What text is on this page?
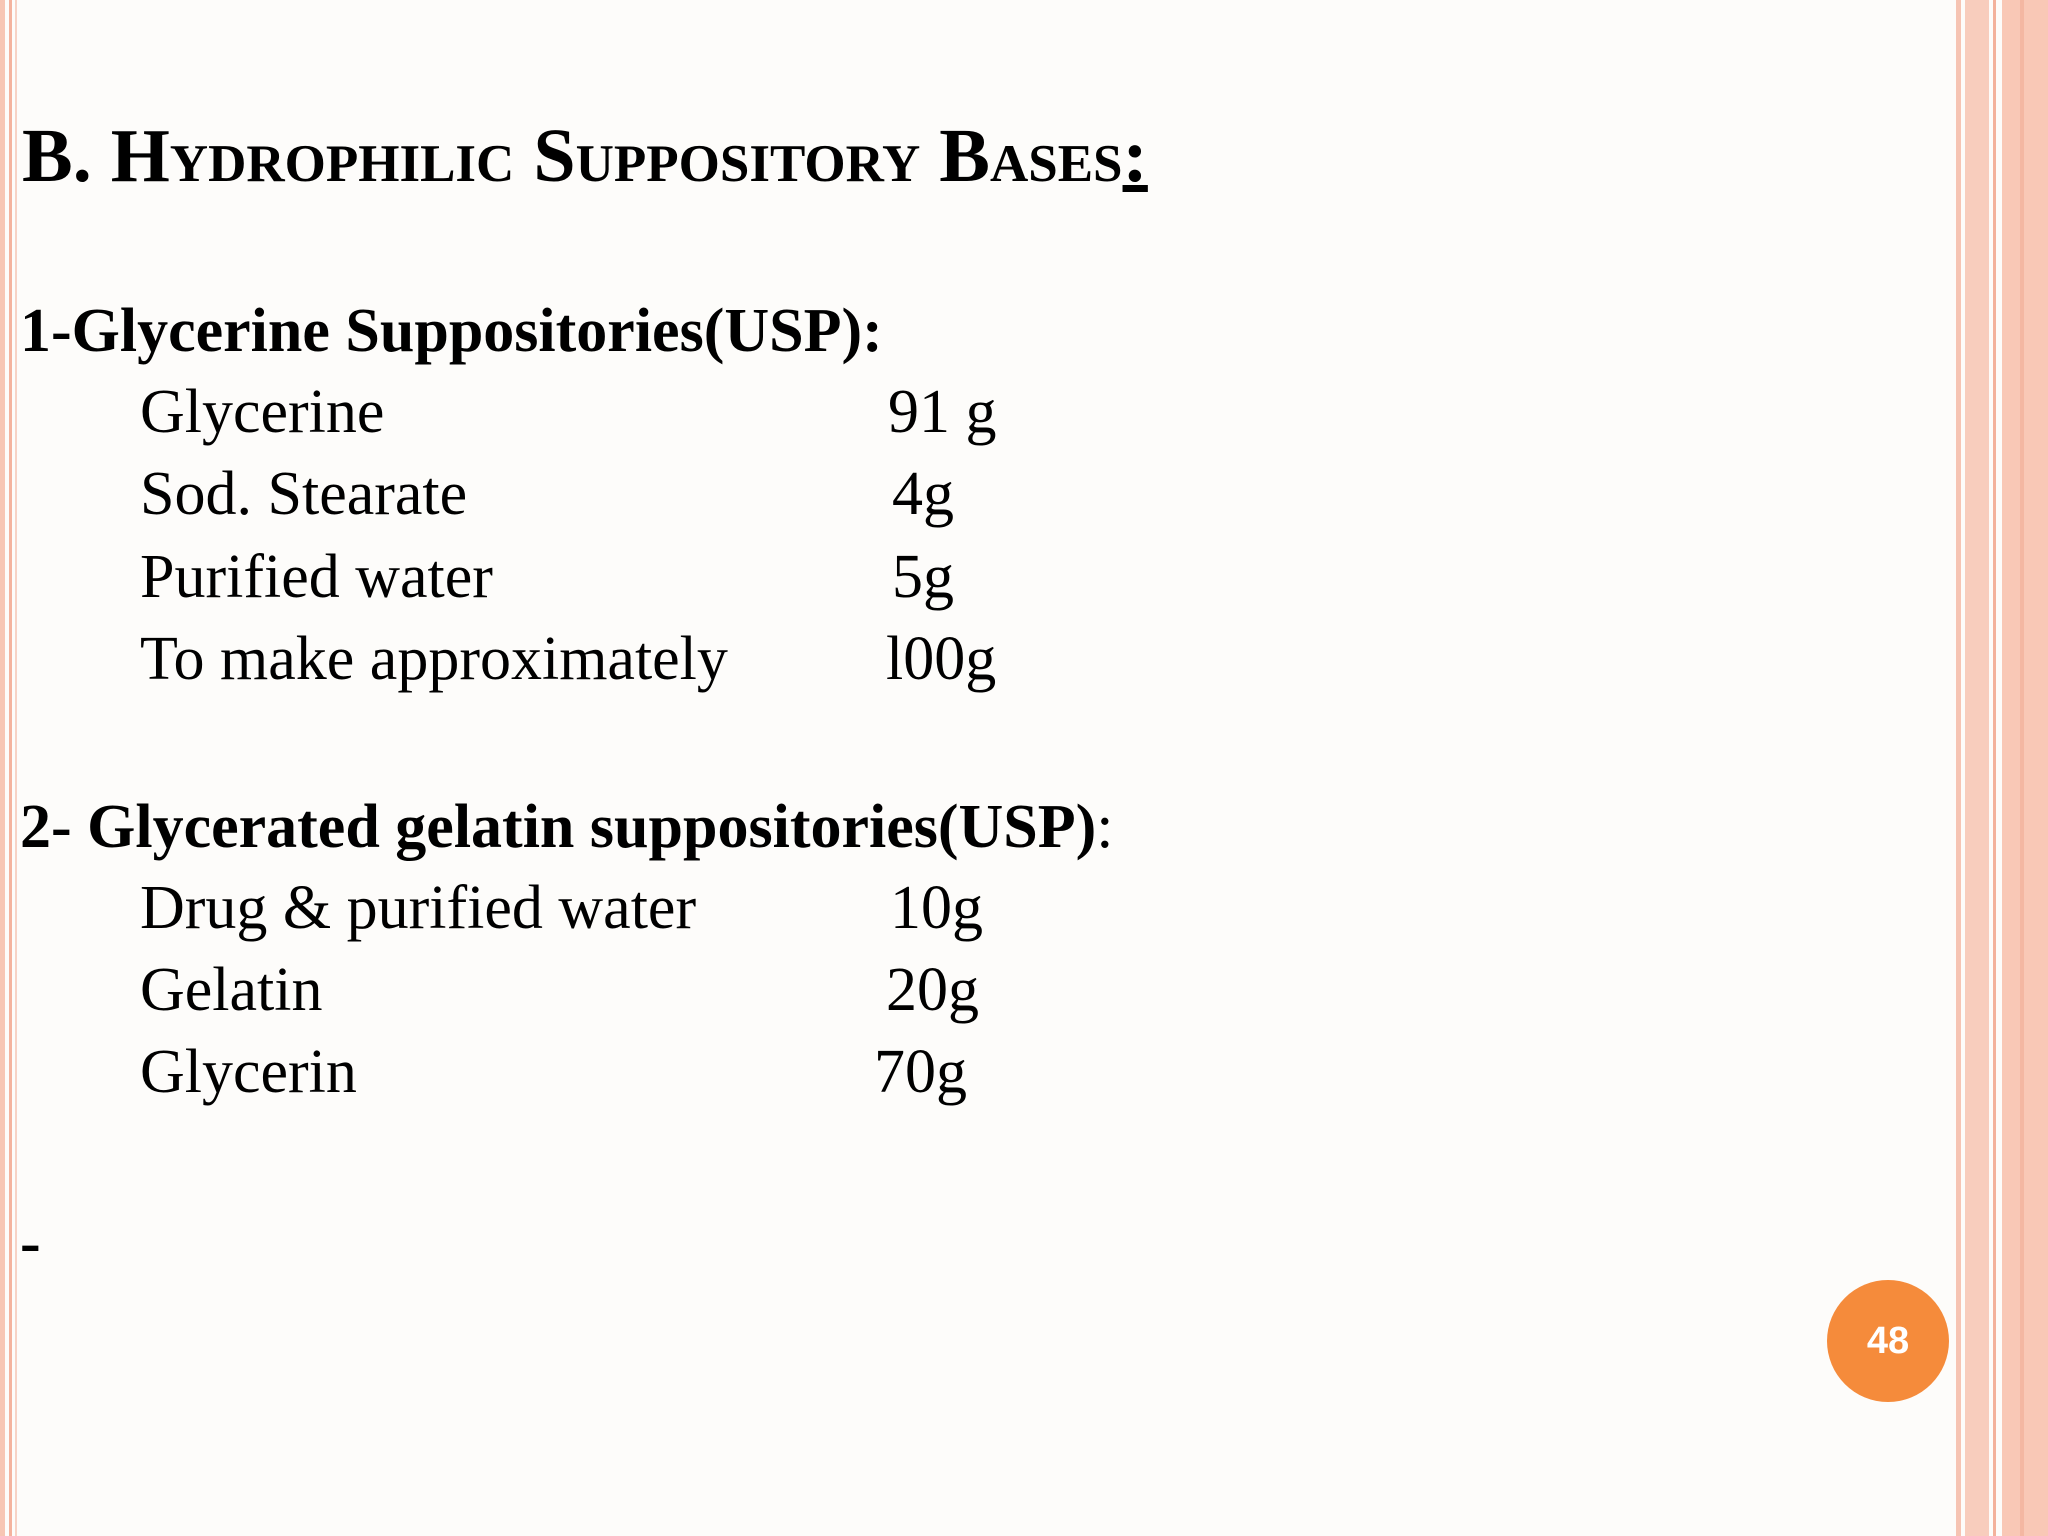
B. Hydrophilic Suppository Bases:
1-Glycerine Suppositories(USP):
Glycerine	91 g
Sod. Stearate	4g
Purified water	5g
To make approximately	l00g
2- Glycerated gelatin suppositories(USP):
Drug & purified water	10g
Gelatin	20g
Glycerin	70g
-
48
